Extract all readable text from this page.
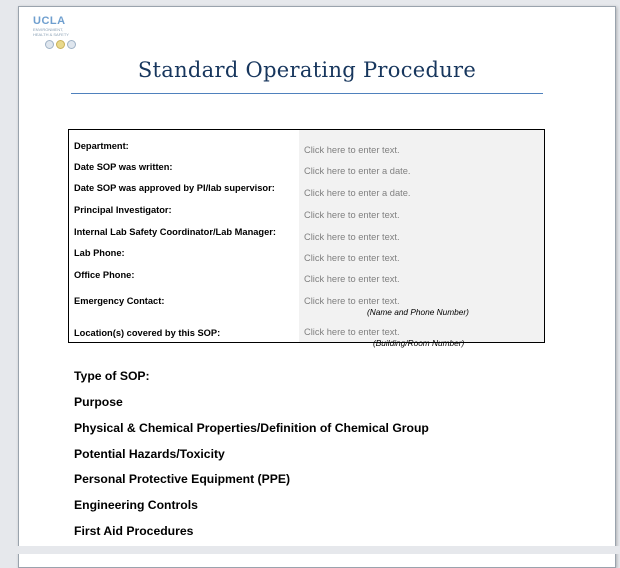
UCLA
ENVIRONMENT,
HEALTH & SAFETY
Standard Operating Procedure
Department:	Click here to enter text.
Date SOP was written:	Click here to enter a date.
Date SOP was approved by PI/lab supervisor:	Click here to enter a date.
Principal Investigator:	Click here to enter text.
Internal Lab Safety Coordinator/Lab Manager:	Click here to enter text.
Lab Phone:	Click here to enter text.
Office Phone:	Click here to enter text.
Emergency Contact:	Click here to enter text.
(Name and Phone Number)
Location(s) covered by this SOP:	Click here to enter text.
(Building/Room Number)
Type of SOP:
Purpose
Physical & Chemical Properties/Definition of Chemical Group
Potential Hazards/Toxicity
Personal Protective Equipment (PPE)
Engineering Controls
First Aid Procedures
